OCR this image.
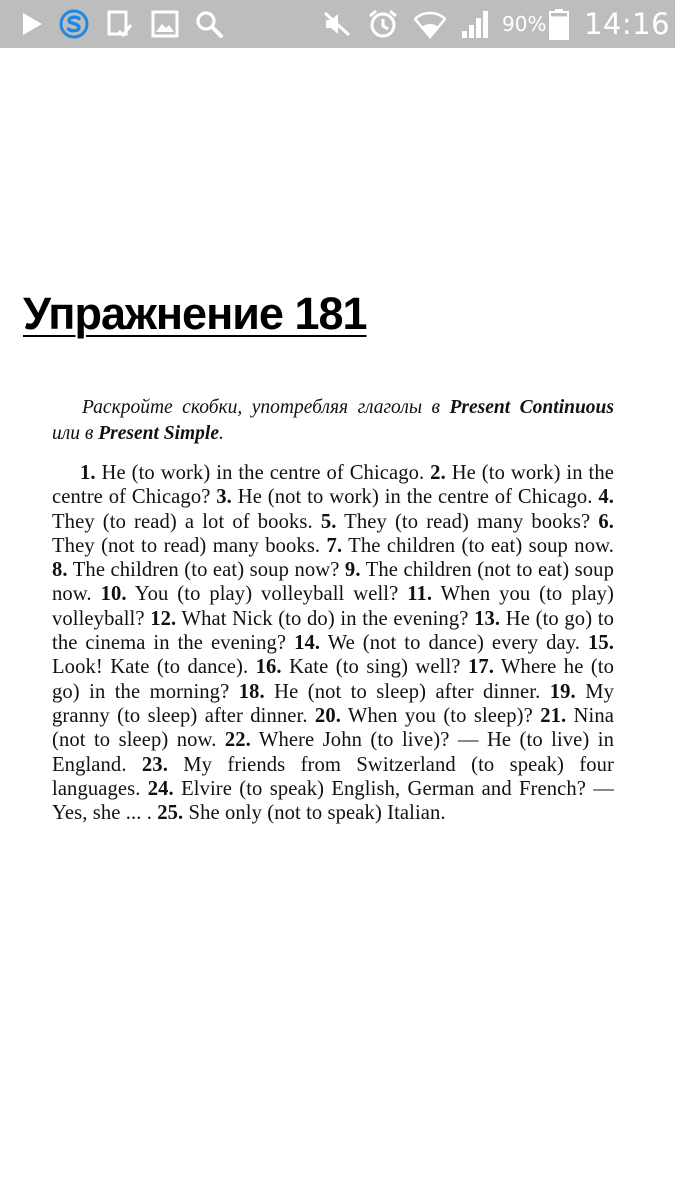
90% 14:16
Упражнение 181

Раскройте скобки, употребляя глаголы в Present Continuous или в Present Simple.

1. He (to work) in the centre of Chicago. 2. He (to work) in the centre of Chicago? 3. He (not to work) in the centre of Chicago. 4. They (to read) a lot of books. 5. They (to read) many books? 6. They (not to read) many books. 7. The children (to eat) soup now. 8. The children (to eat) soup now? 9. The children (not to eat) soup now. 10. You (to play) volleyball well? 11. When you (to play) volleyball? 12. What Nick (to do) in the evening? 13. He (to go) to the cinema in the evening? 14. We (not to dance) every day. 15. Look! Kate (to dance). 16. Kate (to sing) well? 17. Where he (to go) in the morning? 18. He (not to sleep) after dinner. 19. My granny (to sleep) after dinner. 20. When you (to sleep)? 21. Nina (not to sleep) now. 22. Where John (to live)? — He (to live) in England. 23. My friends from Switzerland (to speak) four languages. 24. Elvire (to speak) English, German and French? — Yes, she ... . 25. She only (not to speak) Italian.
